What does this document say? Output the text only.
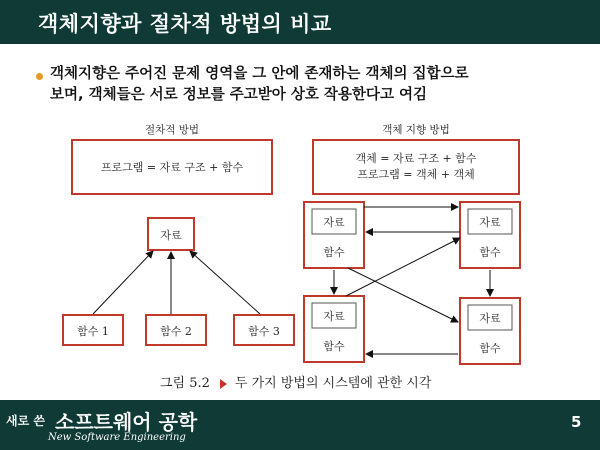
객체지향과 절차적 방법의 비교
객체지향은 주어진 문제 영역을 그 안에 존재하는 객체의 집합으로
보며, 객체들은 서로 정보를 주고받아 상호 작용한다고 여김
절차적 방법
프로그램 = 자료 구조 + 함수
자료
함수 1	함수 2	함수 3
객체 지향 방법
객체 = 자료 구조 + 함수
프로그램 = 객체 + 객체
자료
함수
자료
함수
자료
함수
자료
함수
그림 5.2 두 가지 방법의 시스템에 관한 시각
새로 쓴 소프트웨어 공학
New Software Engineering
5
